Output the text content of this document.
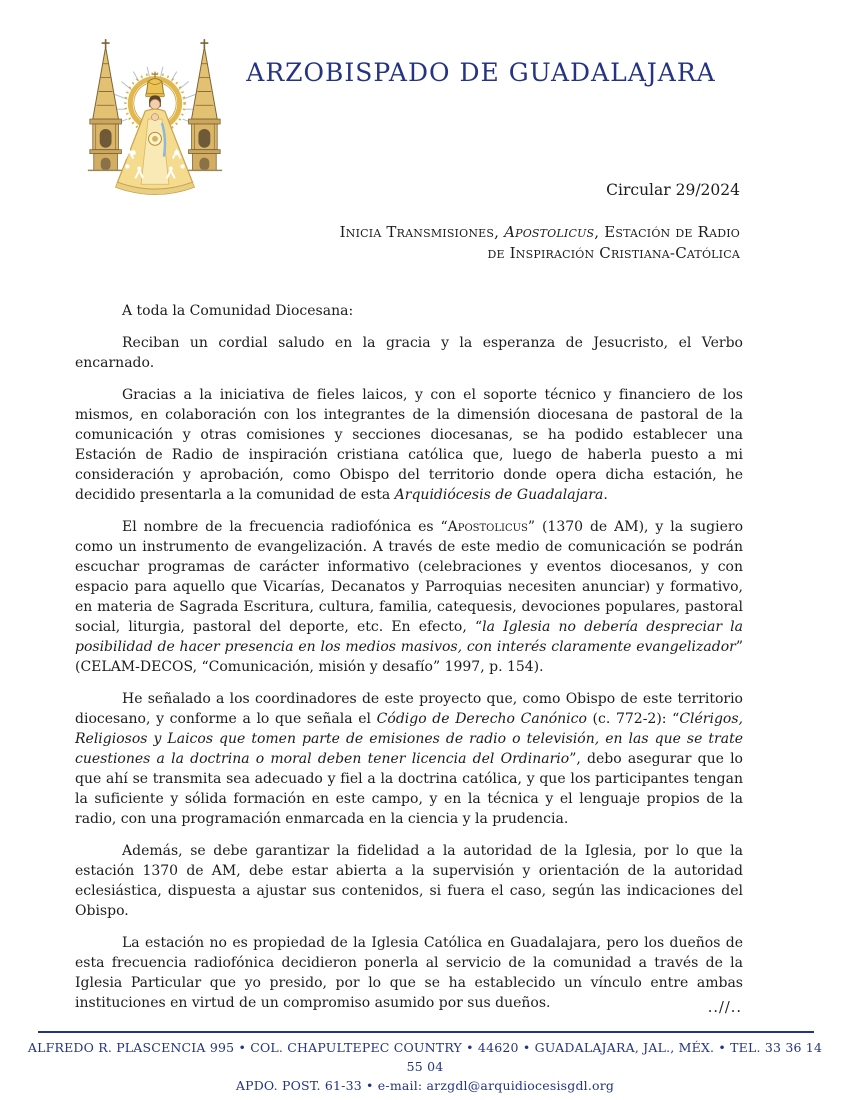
ARZOBISPADO DE GUADALAJARA
Circular 29/2024
Inicia Transmisiones, Apostolicus, Estación de Radio
de Inspiración Cristiana-Católica

A toda la Comunidad Diocesana:

Reciban un cordial saludo en la gracia y la esperanza de Jesucristo, el Verbo encarnado.

Gracias a la iniciativa de fieles laicos, y con el soporte técnico y financiero de los mismos, en colaboración con los integrantes de la dimensión diocesana de pastoral de la comunicación y otras comisiones y secciones diocesanas, se ha podido establecer una Estación de Radio de inspiración cristiana católica que, luego de haberla puesto a mi consideración y aprobación, como Obispo del territorio donde opera dicha estación, he decidido presentarla a la comunidad de esta Arquidiócesis de Guadalajara.

El nombre de la frecuencia radiofónica es “Apostolicus” (1370 de AM), y la sugiero como un instrumento de evangelización. A través de este medio de comunicación se podrán escuchar programas de carácter informativo (celebraciones y eventos diocesanos, y con espacio para aquello que Vicarías, Decanatos y Parroquias necesiten anunciar) y formativo, en materia de Sagrada Escritura, cultura, familia, catequesis, devociones populares, pastoral social, liturgia, pastoral del deporte, etc. En efecto, “la Iglesia no debería despreciar la posibilidad de hacer presencia en los medios masivos, con interés claramente evangelizador” (CELAM-DECOS, “Comunicación, misión y desafío” 1997, p. 154).

He señalado a los coordinadores de este proyecto que, como Obispo de este territorio diocesano, y conforme a lo que señala el Código de Derecho Canónico (c. 772-2): “Clérigos, Religiosos y Laicos que tomen parte de emisiones de radio o televisión, en las que se trate cuestiones a la doctrina o moral deben tener licencia del Ordinario”, debo asegurar que lo que ahí se transmita sea adecuado y fiel a la doctrina católica, y que los participantes tengan la suficiente y sólida formación en este campo, y en la técnica y el lenguaje propios de la radio, con una programación enmarcada en la ciencia y la prudencia.

Además, se debe garantizar la fidelidad a la autoridad de la Iglesia, por lo que la estación 1370 de AM, debe estar abierta a la supervisión y orientación de la autoridad eclesiástica, dispuesta a ajustar sus contenidos, si fuera el caso, según las indicaciones del Obispo.

La estación no es propiedad de la Iglesia Católica en Guadalajara, pero los dueños de esta frecuencia radiofónica decidieron ponerla al servicio de la comunidad a través de la Iglesia Particular que yo presido, por lo que se ha establecido un vínculo entre ambas instituciones en virtud de un compromiso asumido por sus dueños.	..//..
ALFREDO R. PLASCENCIA 995 • COL. CHAPULTEPEC COUNTRY • 44620 • GUADALAJARA, JAL., MÉX. • TEL. 33 36 14 55 04
APDO. POST. 61-33 • e-mail: arzgdl@arquidiocesisgdl.org
